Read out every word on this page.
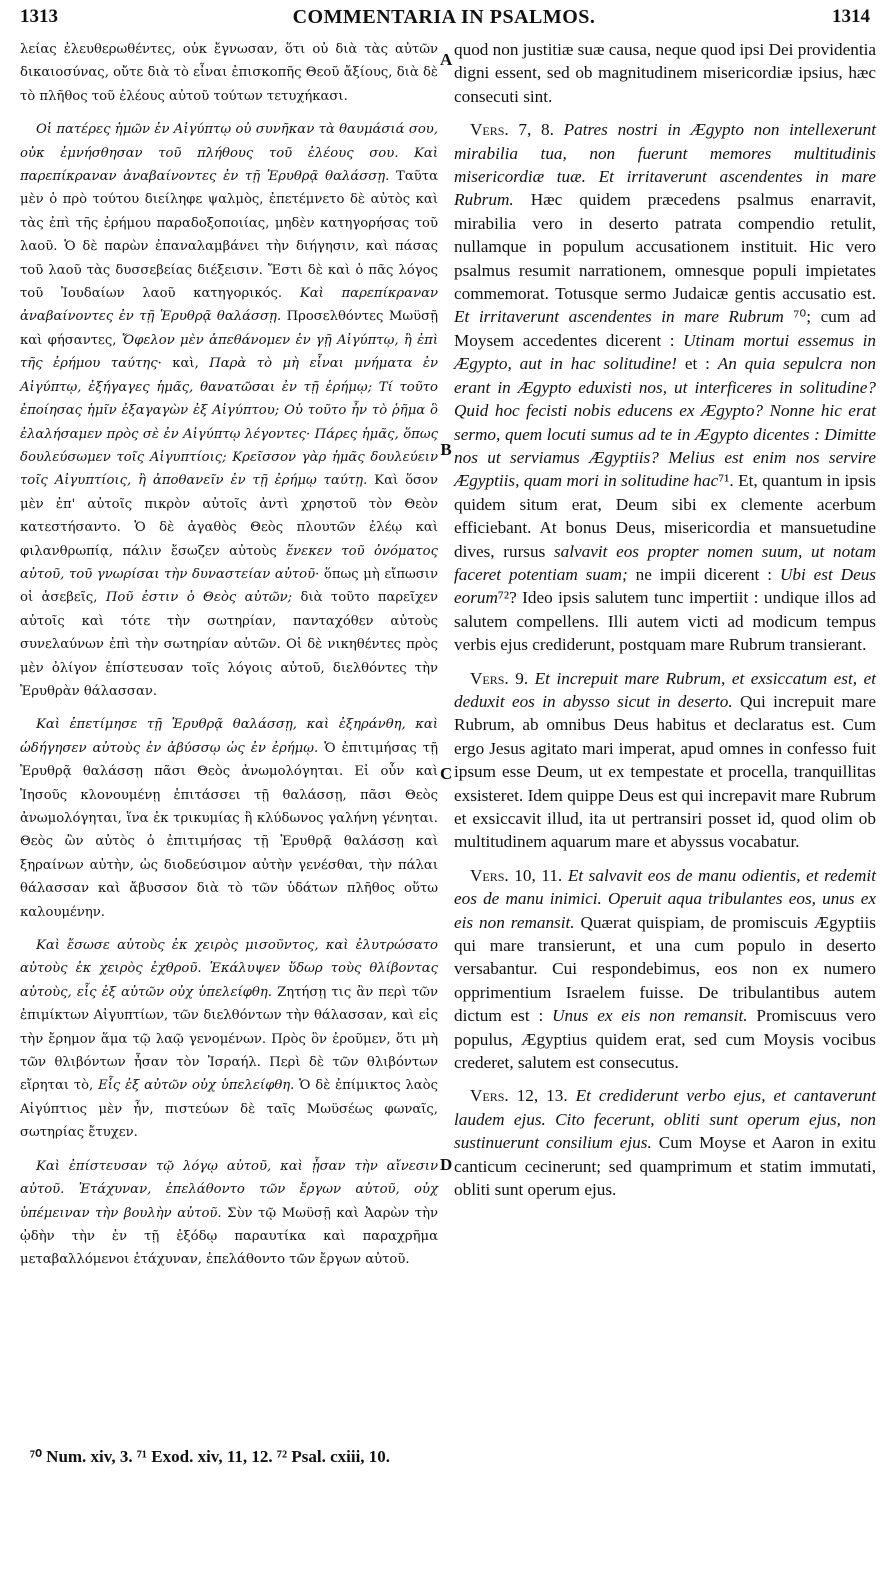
1313	COMMENTARIA IN PSALMOS.	1314

λείας ἐλευθερωθέντες, οὐκ ἔγνωσαν, ὅτι οὐ διὰ τὰς αὐτῶν δικαιοσύνας, οὔτε διὰ τὸ εἶναι ἐπισκοπῆς Θεοῦ ἄξίους, διὰ δὲ τὸ πλῆθος τοῦ ἐλέους αὐτοῦ τούτων τετυχήκασι.

Οἱ πατέρες ἡμῶν ἐν Αἰγύπτῳ οὐ συνῆκαν τὰ θαυμάσιά σου, οὐκ ἐμνήσθησαν τοῦ πλήθους τοῦ ἐλέους σου. Καὶ παρεπίκραναν ἀναβαίνοντες ἐν τῇ Ἐρυθρᾷ θαλάσσῃ. Ταῦτα μὲν ὁ πρὸ τούτου διείληφε ψαλμὸς, ἐπετέμνετο δὲ αὐτὸς καὶ τὰς ἐπὶ τῆς ἐρήμου παραδοξοποιίας, μηδὲν κατηγορήσας τοῦ λαοῦ. Ὁ δὲ παρὼν ἐπαναλαμβάνει τὴν διήγησιν, καὶ πάσας τοῦ λαοῦ τὰς δυσσεβείας διέξεισιν. Ἔστι δὲ καὶ ὁ πᾶς λόγος τοῦ Ἰουδαίων λαοῦ κατηγορικός. Καὶ παρεπίκραναν ἀναβαίνοντες ἐν τῇ Ἐρυθρᾷ θαλάσσῃ. Προσελθόντες Μωϋσῇ καὶ φήσαντες, Ὄφελον μὲν ἀπεθάνομεν ἐν γῇ Αἰγύπτῳ, ἢ ἐπὶ τῆς ἐρήμου ταύτης· καὶ, Παρὰ τὸ μὴ εἶναι μνήματα ἐν Αἰγύπτῳ, ἐξήγαγες ἡμᾶς, θανατῶσαι ἐν τῇ ἐρήμῳ; Τί τοῦτο ἐποίησας ἡμῖν ἐξαγαγὼν ἐξ Αἰγύπτου; Οὐ τοῦτο ἦν τὸ ῥῆμα ὃ ἐλαλήσαμεν πρὸς σὲ ἐν Αἰγύπτῳ λέγοντες· Πάρες ἡμᾶς, ὅπως δουλεύσωμεν τοῖς Αἰγυπτίοις; Κρεῖσσον γὰρ ἡμᾶς δουλεύειν τοῖς Αἰγυπτίοις, ἢ ἀποθανεῖν ἐν τῇ ἐρήμῳ ταύτῃ. Καὶ ὅσον μὲν ἐπ' αὐτοῖς πικρὸν αὐτοῖς ἀντὶ χρηστοῦ τὸν Θεὸν κατεστήσαντο. Ὁ δὲ ἀγαθὸς Θεὸς πλουτῶν ἐλέῳ καὶ φιλανθρωπίᾳ, πάλιν ἔσωζεν αὐτοὺς ἕνεκεν τοῦ ὀνόματος αὐτοῦ, τοῦ γνωρίσαι τὴν δυναστείαν αὐτοῦ· ὅπως μὴ εἴπωσιν οἱ ἀσεβεῖς, Ποῦ ἐστιν ὁ Θεὸς αὐτῶν; διὰ τοῦτο παρεῖχεν αὐτοῖς καὶ τότε τὴν σωτηρίαν, πανταχόθεν αὐτοὺς συνελαύνων ἐπὶ τὴν σωτηρίαν αὐτῶν. Οἱ δὲ νικηθέντες πρὸς μὲν ὀλίγον ἐπίστευσαν τοῖς λόγοις αὐτοῦ, διελθόντες τὴν Ἐρυθρὰν θάλασσαν.

Καὶ ἐπετίμησε τῇ Ἐρυθρᾷ θαλάσσῃ, καὶ ἐξηράνθη, καὶ ὡδήγησεν αὐτοὺς ἐν ἀβύσσῳ ὡς ἐν ἐρήμῳ. Ὁ ἐπιτιμήσας τῇ Ἐρυθρᾷ θαλάσσῃ πᾶσι Θεὸς ἀνωμολόγηται. Εἰ οὖν καὶ Ἰησοῦς κλονουμένῃ ἐπιτάσσει τῇ θαλάσσῃ, πᾶσι Θεὸς ἀνωμολόγηται, ἵνα ἐκ τρικυμίας ἢ κλύδωνος γαλήνη γένηται. Θεὸς ὢν αὐτὸς ὁ ἐπιτιμήσας τῇ Ἐρυθρᾷ θαλάσσῃ καὶ ξηραίνων αὐτὴν, ὡς διοδεύσιμον αὐτὴν γενέσθαι, τὴν πάλαι θάλασσαν καὶ ἄβυσσον διὰ τὸ τῶν ὑδάτων πλῆθος οὕτω καλουμένην.

Καὶ ἔσωσε αὐτοὺς ἐκ χειρὸς μισοῦντος, καὶ ἐλυτρώσατο αὐτοὺς ἐκ χειρὸς ἐχθροῦ. Ἐκάλυψεν ὕδωρ τοὺς θλίβοντας αὐτοὺς, εἷς ἐξ αὐτῶν οὐχ ὑπελείφθη. Ζητήσῃ τις ἂν περὶ τῶν ἐπιμίκτων Αἰγυπτίων, τῶν διελθόντων τὴν θάλασσαν, καὶ εἰς τὴν ἔρημον ἅμα τῷ λαῷ γενομένων. Πρὸς ὃν ἐροῦμεν, ὅτι μὴ τῶν θλιβόντων ἦσαν τὸν Ἰσραήλ. Περὶ δὲ τῶν θλιβόντων εἴρηται τὸ, Εἷς ἐξ αὐτῶν οὐχ ὑπελείφθη. Ὁ δὲ ἐπίμικτος λαὸς Αἰγύπτιος μὲν ἦν, πιστεύων δὲ ταῖς Μωϋσέως φωναῖς, σωτηρίας ἔτυχεν.

Καὶ ἐπίστευσαν τῷ λόγῳ αὐτοῦ, καὶ ᾖσαν τὴν αἴνεσιν αὐτοῦ. Ἐτάχυναν, ἐπελάθοντο τῶν ἔργων αὐτοῦ, οὐχ ὑπέμειναν τὴν βουλὴν αὐτοῦ. Σὺν τῷ Μωϋσῇ καὶ Ἀαρὼν τὴν ᾠδὴν τὴν ἐν τῇ ἐξόδῳ παραυτίκα καὶ παραχρῆμα μεταβαλλόμενοι ἐτάχυναν, ἐπελάθοντο τῶν ἔργων αὐτοῦ.

quod non justitiæ suæ causa, neque quod ipsi Dei providentia digni essent, sed ob magnitudinem misericordiæ ipsius, hæc consecuti sint.

Vers. 7, 8. Patres nostri in Ægypto non intellexerunt mirabilia tua, non fuerunt memores multitudinis misericordiæ tuæ. Et irritaverunt ascendentes in mare Rubrum. Hæc quidem præcedens psalmus enarravit, mirabilia vero in deserto patrata compendio retulit, nullamque in populum accusationem instituit. Hic vero psalmus resumit narrationem, omnesque populi impietates commemorat. Totusque sermo Judaicæ gentis accusatio est. Et irritaverunt ascendentes in mare Rubrum ⁷⁰; cum ad Moysem accedentes dicerent : Utinam mortui essemus in Ægypto, aut in hac solitudine! et : An quia sepulcra non erant in Ægypto eduxisti nos, ut interficeres in solitudine? Quid hoc fecisti nobis educens ex Ægypto? Nonne hic erat sermo, quem locuti sumus ad te in Ægypto dicentes : Dimitte nos ut serviamus Ægyptiis? Melius est enim nos servire Ægyptiis, quam mori in solitudine hac⁷¹. Et, quantum in ipsis quidem situm erat, Deum sibi ex clemente acerbum efficiebant. At bonus Deus, misericordia et mansuetudine dives, rursus salvavit eos propter nomen suum, ut notam faceret potentiam suam; ne impii dicerent : Ubi est Deus eorum⁷²? Ideo ipsis salutem tunc impertiit : undique illos ad salutem compellens. Illi autem victi ad modicum tempus verbis ejus crediderunt, postquam mare Rubrum transierant.

Vers. 9. Et increpuit mare Rubrum, et exsiccatum est, et deduxit eos in abysso sicut in deserto. Qui increpuit mare Rubrum, ab omnibus Deus habitus et declaratus est. Cum ergo Jesus agitato mari imperat, apud omnes in confesso fuit ipsum esse Deum, ut ex tempestate et procella, tranquillitas exsisteret. Idem quippe Deus est qui increpavit mare Rubrum et exsiccavit illud, ita ut pertransiri posset id, quod olim ob multitudinem aquarum mare et abyssus vocabatur.

Vers. 10, 11. Et salvavit eos de manu odientis, et redemit eos de manu inimici. Operuit aqua tribulantes eos, unus ex eis non remansit. Quærat quispiam, de promiscuis Ægyptiis qui mare transierunt, et una cum populo in deserto versabantur. Cui respondebimus, eos non ex numero opprimentium Israelem fuisse. De tribulantibus autem dictum est : Unus ex eis non remansit. Promiscuus vero populus, Ægyptius quidem erat, sed cum Moysis vocibus crederet, salutem est consecutus.

Vers. 12, 13. Et crediderunt verbo ejus, et cantaverunt laudem ejus. Cito fecerunt, obliti sunt operum ejus, non sustinuerunt consilium ejus. Cum Moyse et Aaron in exitu canticum cecinerunt; sed quamprimum et statim immutati, obliti sunt operum ejus.

A
B
C
D
⁷⁰ Num. xiv, 3. ⁷¹ Exod. xiv, 11, 12. ⁷² Psal. cxiii, 10.
